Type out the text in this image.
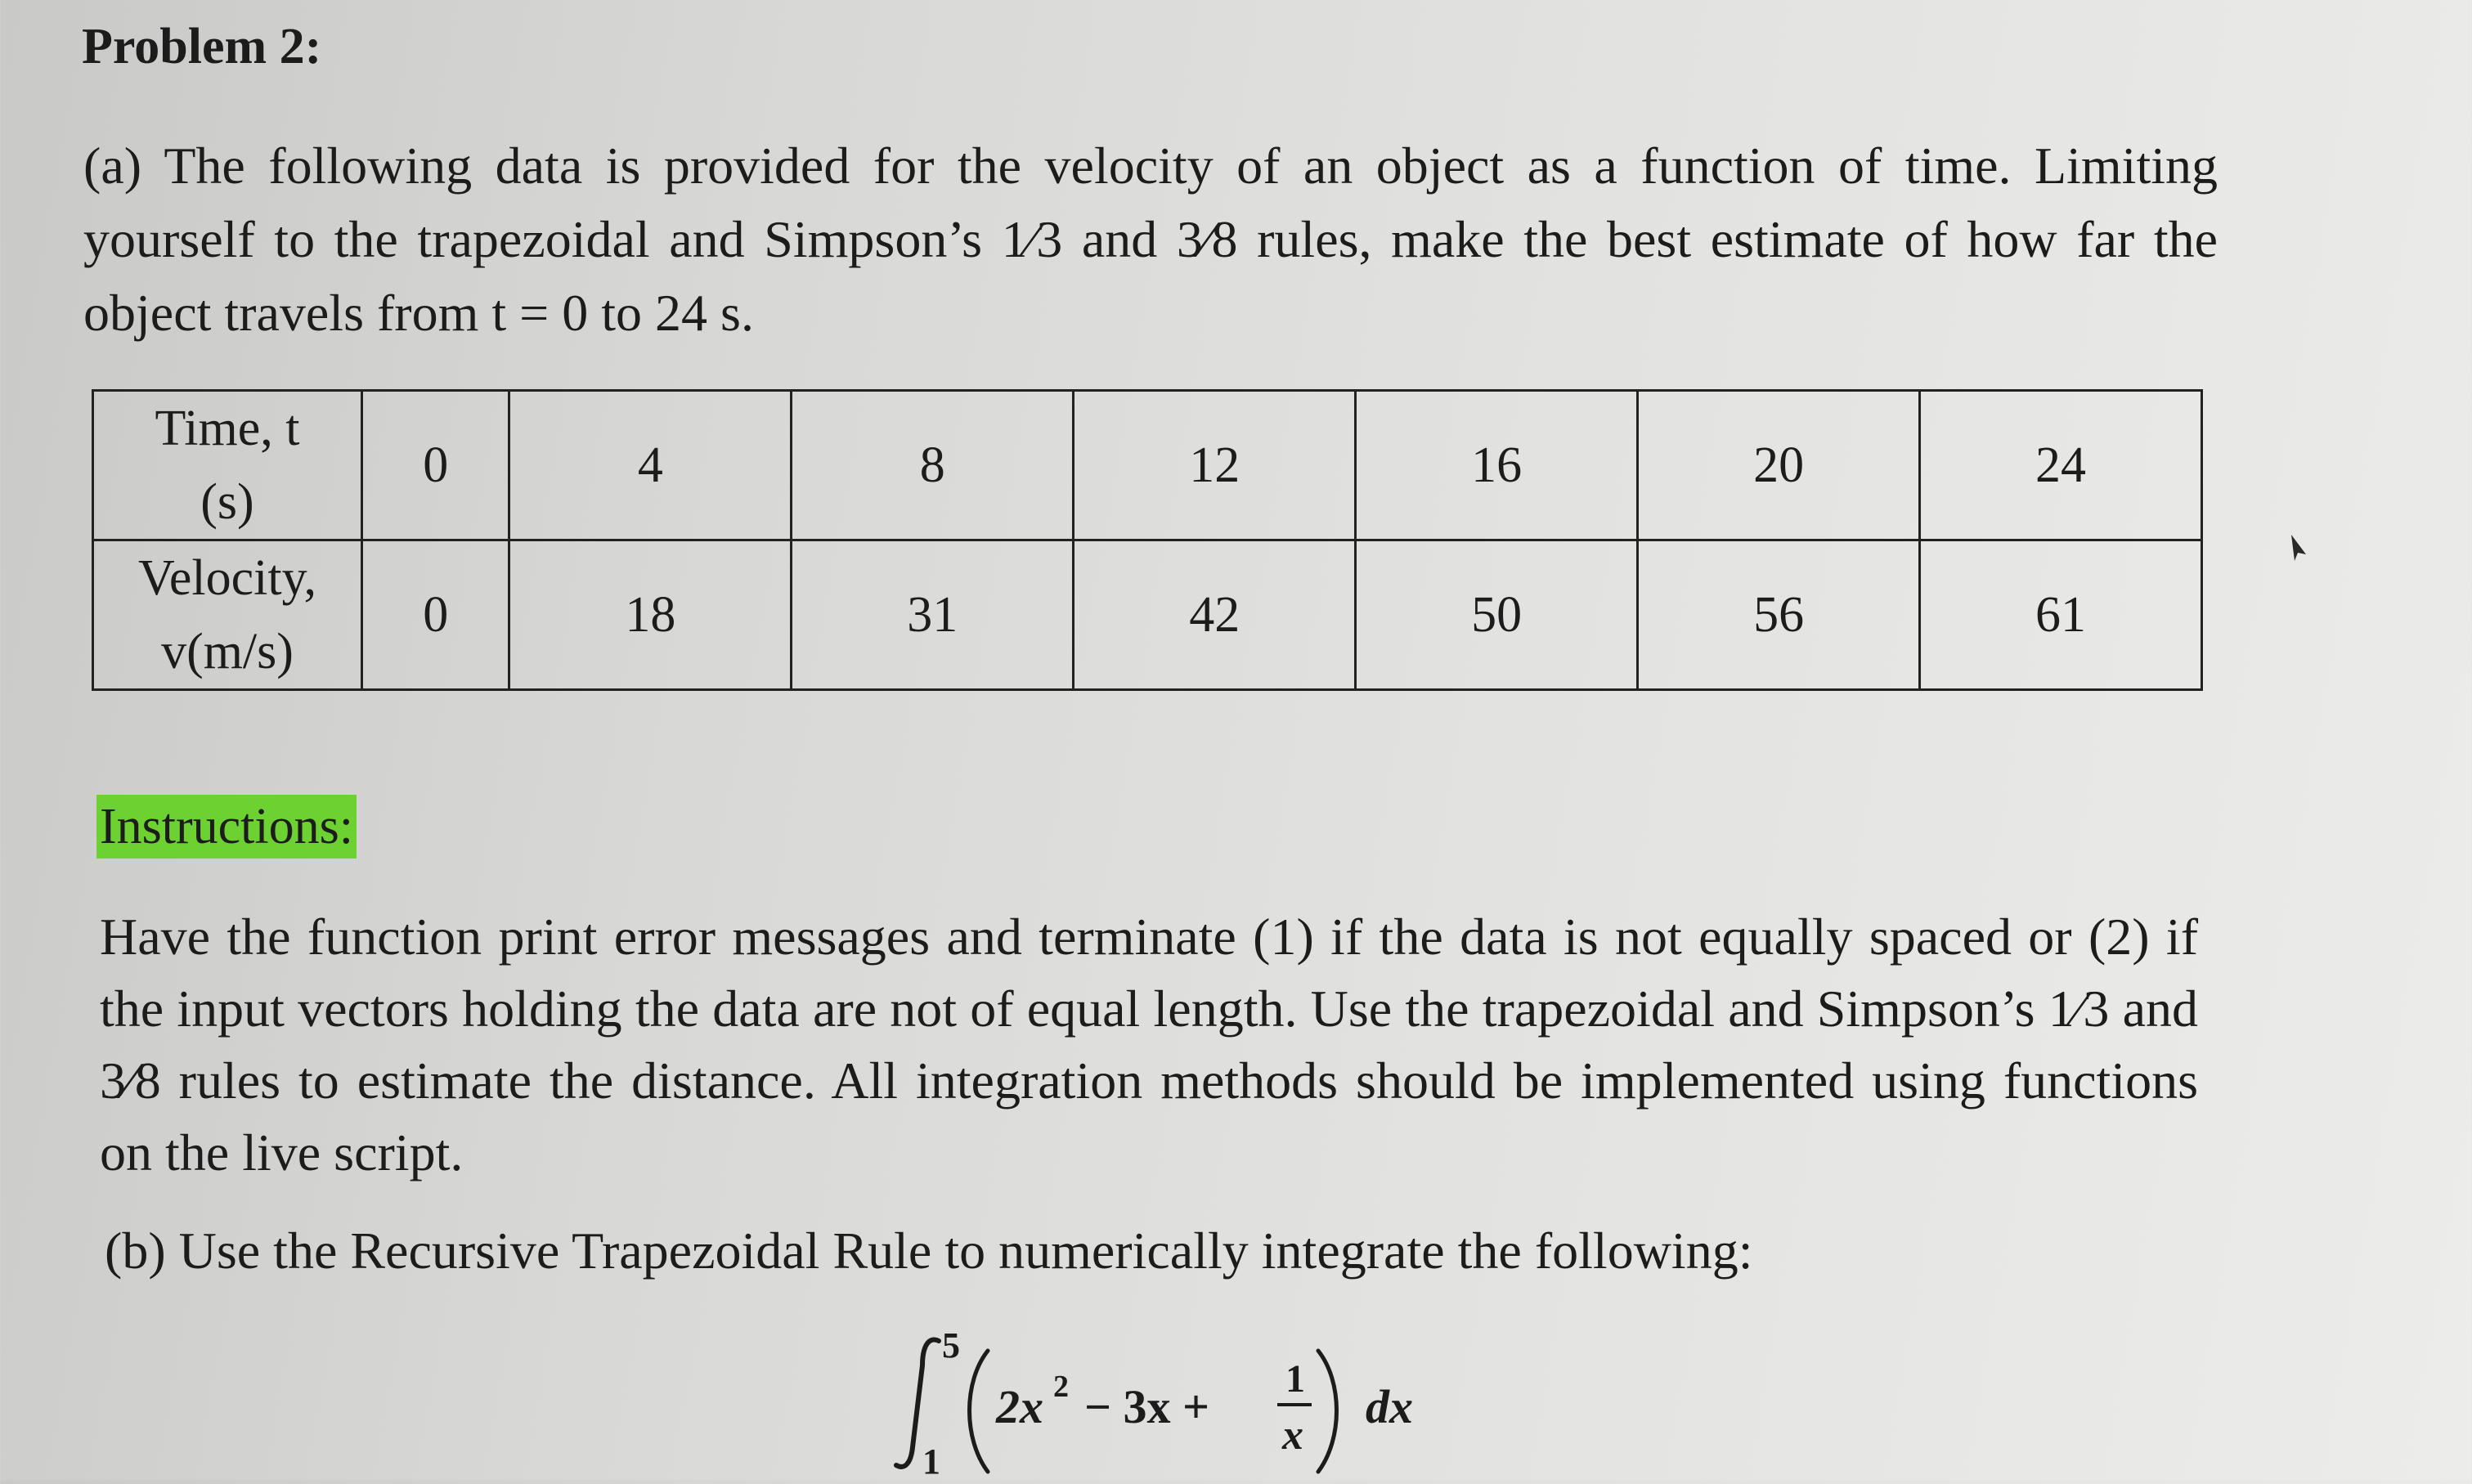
Problem 2:

(a) The following data is provided for the velocity of an object as a function of time. Limiting yourself to the trapezoidal and Simpson’s 1⁄3 and 3⁄8 rules, make the best estimate of how far the object travels from t = 0 to 24 s.

Time, t
(s)	0	4	8	12	16	20	24
Velocity,
v(m/s)	0	18	31	42	50	56	61
Instructions:

Have the function print error messages and terminate (1) if the data is not equally spaced or (2) if the input vectors holding the data are not of equal length. Use the trapezoidal and Simpson’s 1⁄3 and 3⁄8 rules to estimate the distance. All integration methods should be implemented using functions on the live script.

(b) Use the Recursive Trapezoidal Rule to numerically integrate the following:

5
1
2x 2 − 3x +
1
x
dx
